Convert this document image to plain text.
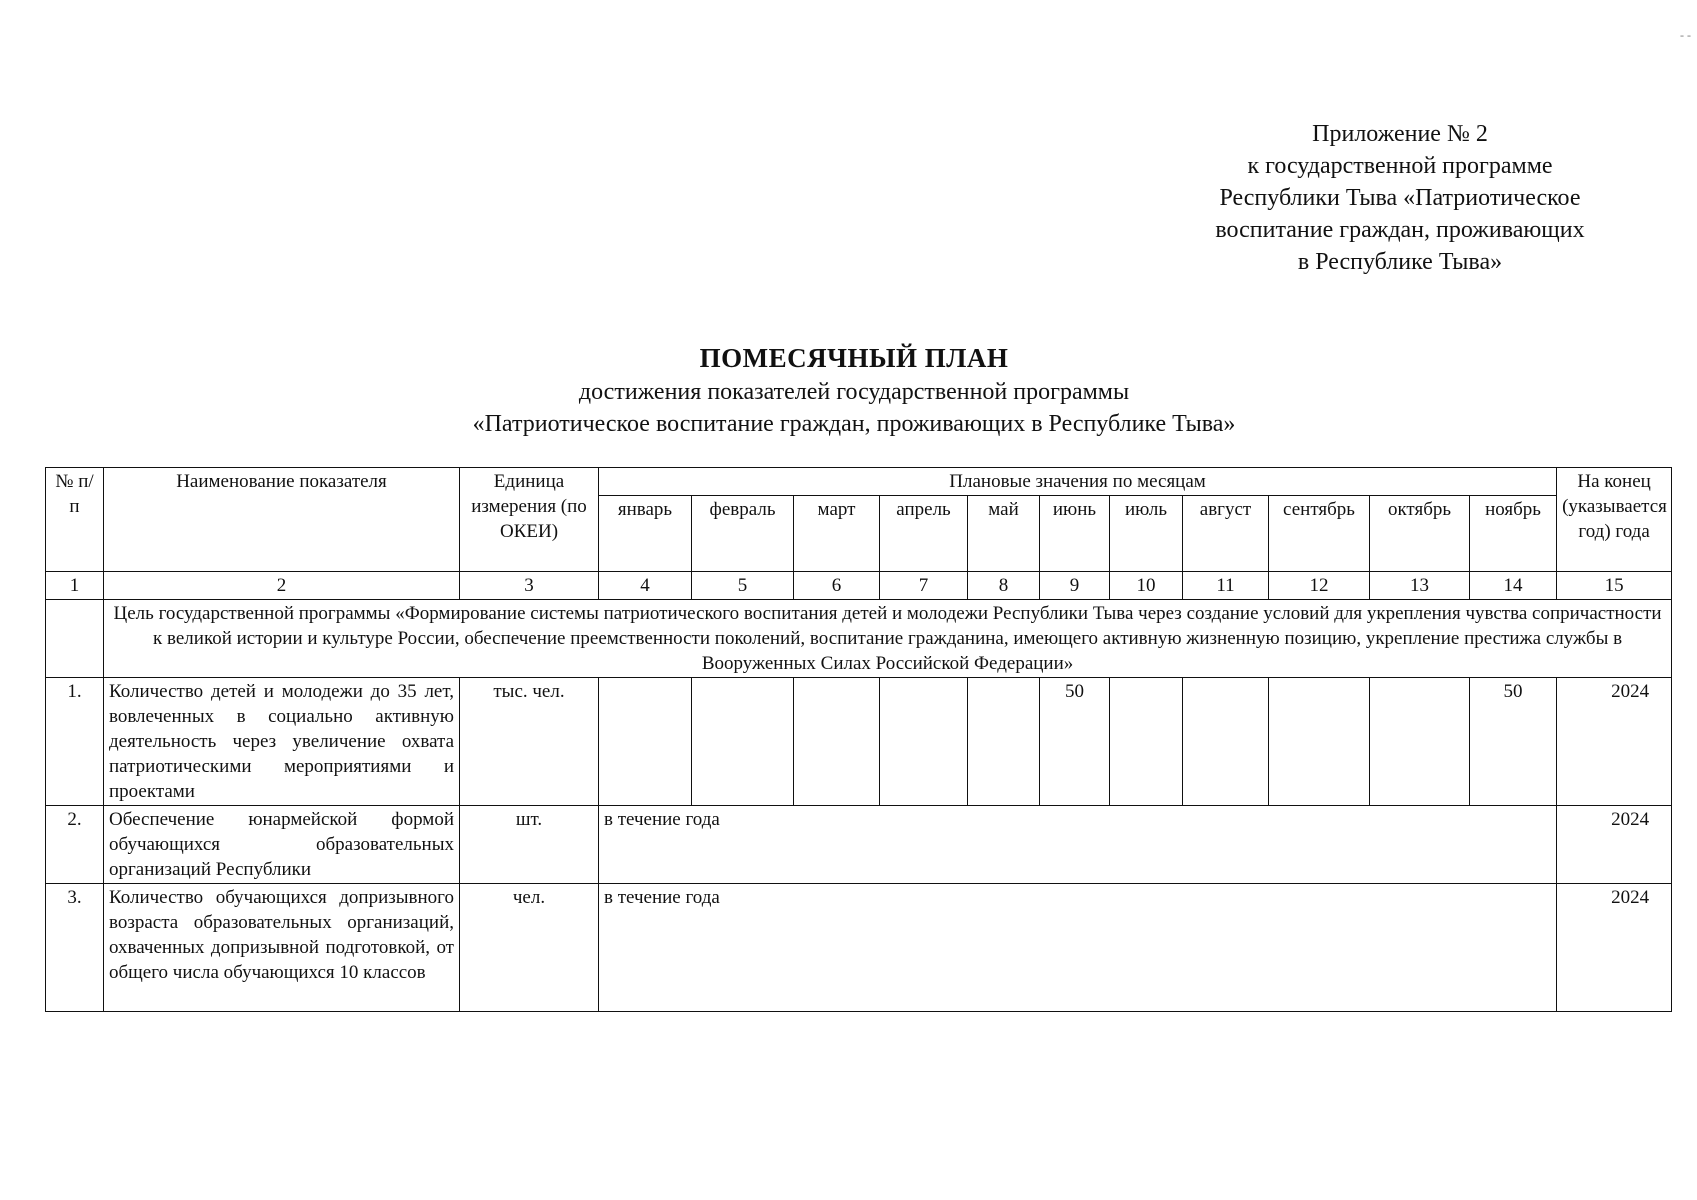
- -
Приложение № 2
к государственной программе
Республики Тыва «Патриотическое
воспитание граждан, проживающих
в Республике Тыва»
ПОМЕСЯЧНЫЙ ПЛАН
достижения показателей государственной программы
«Патриотическое воспитание граждан, проживающих в Республике Тыва»
№ п/п	Наименование показателя	Единица измерения (по ОКЕИ)	Плановые значения по месяцам											На конец (указывается год) года
			январь	февраль	март	апрель	май	июнь	июль	август	сентябрь	октябрь	ноябрь	
1	2	3	4	5	6	7	8	9	10	11	12	13	14	15
	Цель государственной программы «Формирование системы патриотического воспитания детей и молодежи Республики Тыва через создание условий для укрепления чувства сопричастности к великой истории и культуре России, обеспечение преемственности поколений, воспитание гражданина, имеющего активную жизненную позицию, укрепление престижа службы в Вооруженных Силах Российской Федерации»													
1.	Количество детей и молодежи до 35 лет, вовлеченных в социально активную деятельность через увеличение охвата патриотическими мероприятиями и проектами	тыс. чел.						50					50	2024
2.	Обеспечение юнармейской формой обучающихся образовательных организаций Республики	шт.	в течение года											2024
3.	Количество обучающихся допризывного возраста образовательных организаций, охваченных допризывной подготовкой, от общего числа обучающихся 10 классов	чел.	в течение года											2024
